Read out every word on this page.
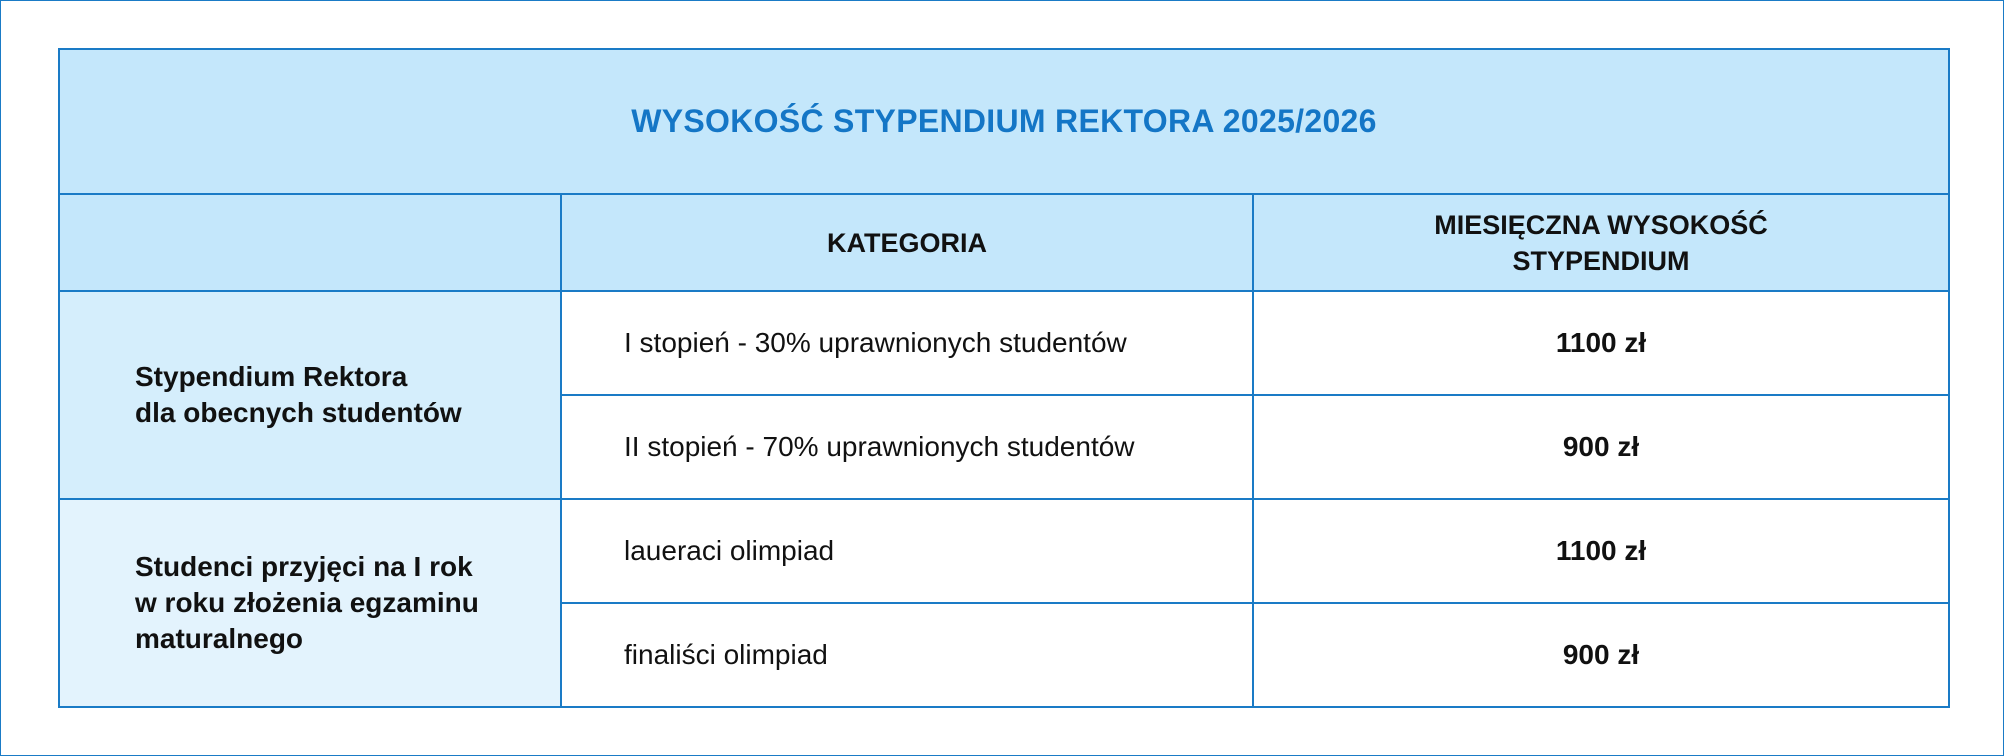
WYSOKOŚĆ STYPENDIUM REKTORA 2025/2026		
	KATEGORIA	MIESIĘCZNA WYSOKOŚĆ
STYPENDIUM

Stypendium Rektora
dla obecnych studentów	I stopień - 30% uprawnionych studentów	1100 zł
	II stopień - 70% uprawnionych studentów	900 zł

Studenci przyjęci na I rok
w roku złożenia egzaminu
maturalnego	laueraci olimpiad	1100 zł
	finaliści olimpiad	900 zł
